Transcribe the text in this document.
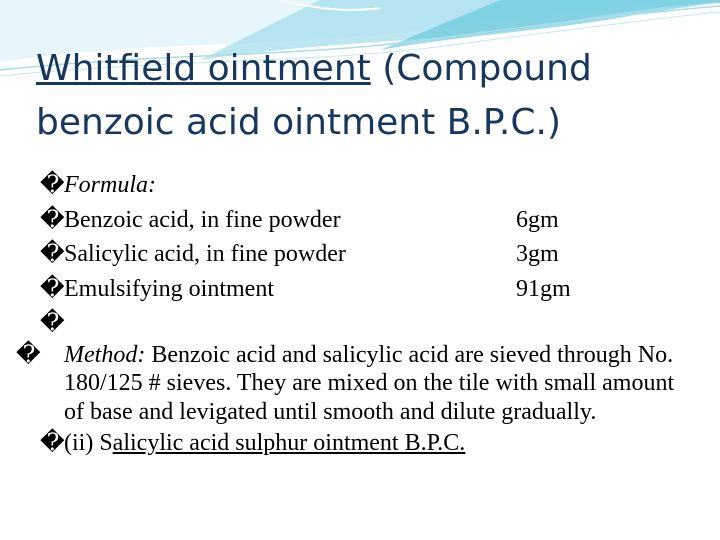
Whitfield ointment (Compound benzoic acid ointment B.P.C.)
� Formula:
� Benzoic acid, in fine powder	6gm
� Salicylic acid, in fine powder	3gm
� Emulsifying ointment	91gm
�
� Method: Benzoic acid and salicylic acid are sieved through No. 180/125 # sieves. They are mixed on the tile with small amount of base and levigated until smooth and dilute gradually.
� (ii) S alicylic acid sulphur ointment B.P.C.
